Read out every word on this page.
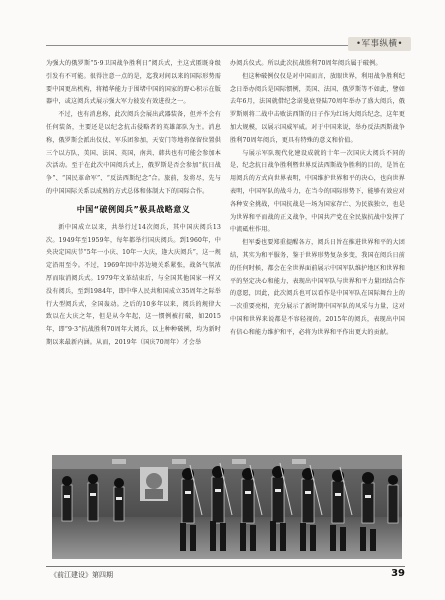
•军事纵横•

为强大的俄罗斯“5·9卫国战争胜利日”阅兵式，主这式匿既身级引发有不可能。很得注意一点的是，迄我对间以来的国际形势需要中国更出机构，将精华能力于围堵中国的国家的野心积示在版器中，或这阅兵式展示强大军力彼发有效进役之一。

不过，也有消息称，此次阅兵会展出武器装备，但并不会有任何装备，主要还是以纪念抗击侵略者的英雄部队为主。消息称，俄罗斯会派出仪仗、军乐团参加，天安门等地将保留位置供三个以方队，美国、法国、英国，南共、韩共也有可能会参加本次活动。至于在此次中国阅兵式上，俄罗斯是否会参加“抗日战争”、“国民革命军”、“反法西斯纪念”合。旅前，发将尽，先与的中国国际关系以成熟的方式总体和体制大下的国际合作。

中国“破例阅兵”极具战略意义

新中国成立以来，共举行过14次阅兵，其中国庆阅兵13次。1949年至1959年，每年都举行国庆阅兵。到1960年，中央决定国庆节“5年一小庆、10年一大庆，逢大庆阅兵”，这一规定沿用至今。不过，1969年因中苏边境关系紧张，战备气氛浓厚而取消阅兵式。1979年文革结束后，与全国其他国家一样又没有阅兵，至到1984年，即中华人民共和国成立35周年之际举行大型阅兵式，全国轰动。之后的10多年以来，阅兵的规律大致以在大庆之年，但是从今年起，这一惯例被打破，如2015年，即“9·3”抗战胜利70周年大阅兵，以上种种破例，均为新时期以来最新内涵。从而，2019年（国庆70周年）才会举

办阅兵仪式。所以此次抗战胜利70周年阅兵属于破例。

但这种破例仅仅是对中国而言，放眼世界，利用战争胜利纪念日举办阅兵是国际惯例，美国、法国、俄罗斯等不如此，譬如去年6月，法国就借纪念诺曼底登陆70周年举办了盛大阅兵，俄罗斯则将二战中击败法西斯的日子作为红场大阅兵纪念，这年更加大规模，以展示国威军威。对于中国来说，举办反法西斯战争胜利70周年阅兵，更具有特殊的意义和价值。

与展示军队现代化建设成就的十年一次国庆大阅兵不同的是，纪念抗日战争胜利暨世界反法西斯战争胜利的目的，是旨在用阅兵的方式向世界表明，中国维护世界和平的决心，也向世界表明，中国军队的战斗力，在当今的国际形势下，能够有效应对各种安全挑战，中国抗战是一场为国家存亡、为民族独立，也是为世界和平而战的正义战争，中国共产党在全民族抗战中发挥了中流砥柱作用。

但军委也要郑重提醒各方，阅兵日旨在推进世界和平的大团结，其实为和平服务，鉴于世界形势复杂多变，我国在阅兵日前的任何时候，都会在全世界面前展示中国军队维护地区和世界和平的坚定决心和能力，表现出中国军队与世界和平力量团结合作的意愿，因此，此次阅兵也可以看作是中国军队在国际舞台上的一次重要亮相，充分展示了新时期中国军队的风采与力量，这对中国和世界来说都是不容轻视的。2015年的阅兵，表现出中国有信心和能力维护和平，必将为世界和平作出更大的贡献。

《前江建设》第四期	39
